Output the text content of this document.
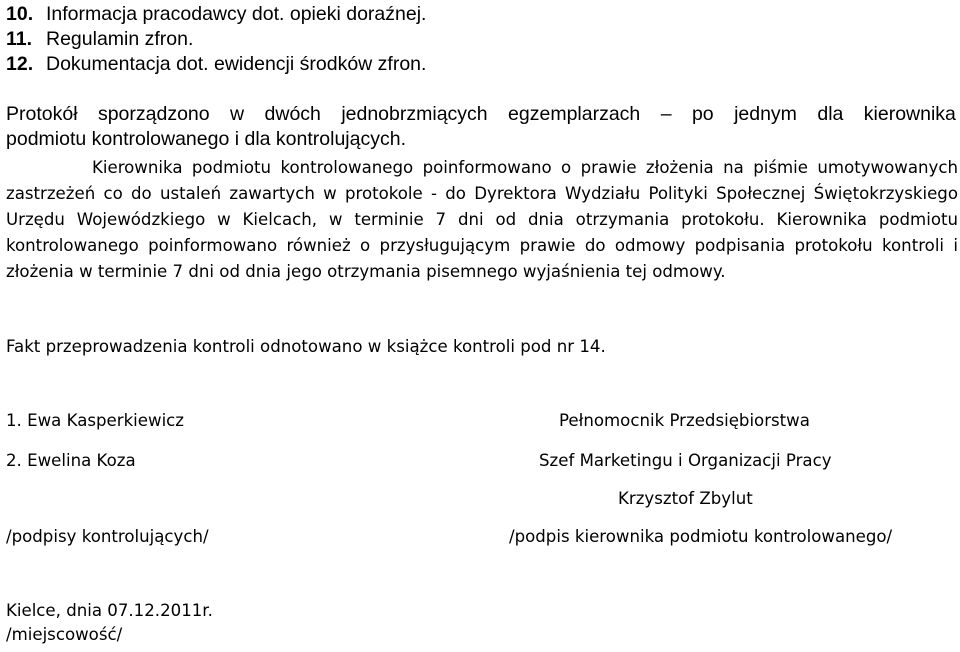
10. Informacja pracodawcy dot. opieki doraźnej.
11. Regulamin zfron.
12. Dokumentacja dot. ewidencji środków zfron.
Protokół sporządzono w dwóch jednobrzmiących egzemplarzach – po jednym dla kierownika
podmiotu kontrolowanego i dla kontrolujących.
Kierownika podmiotu kontrolowanego poinformowano o prawie złożenia na piśmie umotywowanych zastrzeżeń co do ustaleń zawartych w protokole - do Dyrektora Wydziału Polityki Społecznej Świętokrzyskiego Urzędu Wojewódzkiego w Kielcach, w terminie 7 dni od dnia otrzymania protokołu. Kierownika podmiotu kontrolowanego poinformowano również o przysługującym prawie do odmowy podpisania protokołu kontroli i złożenia w terminie 7 dni od dnia jego otrzymania pisemnego wyjaśnienia tej odmowy.
Fakt przeprowadzenia kontroli odnotowano w książce kontroli pod nr 14.
1. Ewa Kasperkiewicz
2. Ewelina Koza
/podpisy kontrolujących/
Pełnomocnik Przedsiębiorstwa
Szef Marketingu i Organizacji Pracy
Krzysztof Zbylut
/podpis kierownika podmiotu kontrolowanego/
Kielce, dnia 07.12.2011r.
/miejscowość/
